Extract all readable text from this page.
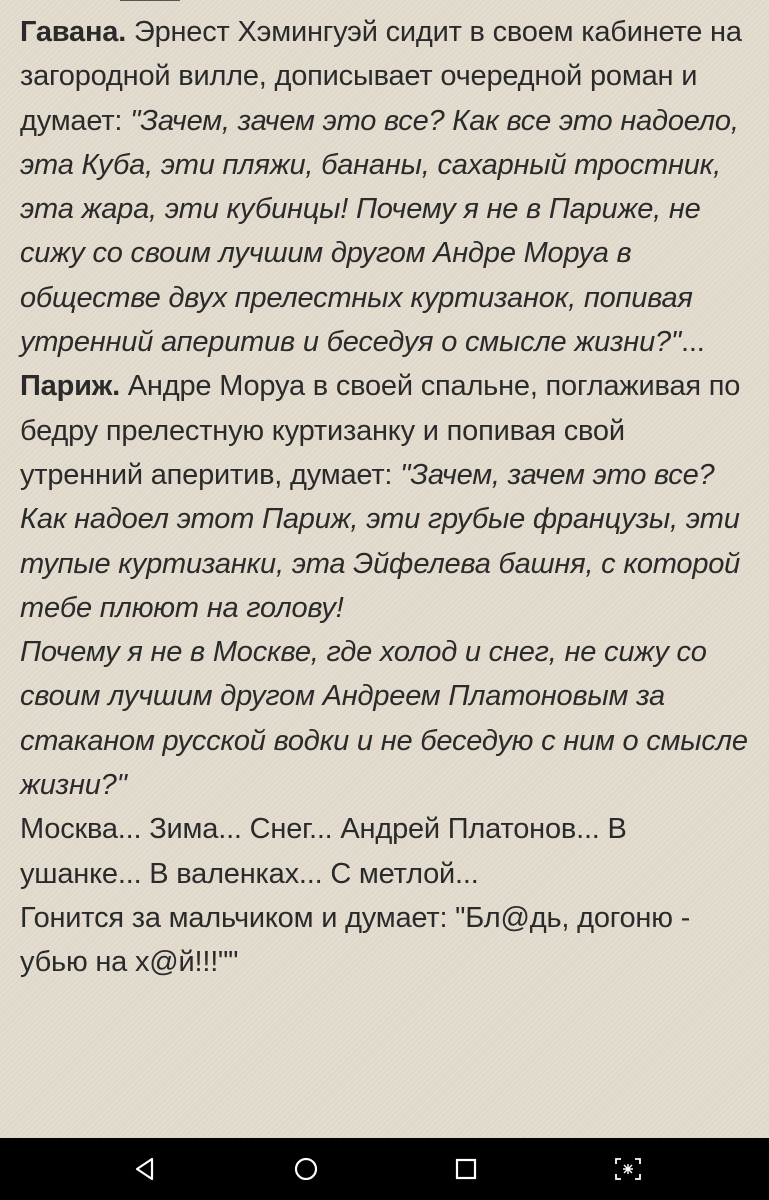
Гавана. Эрнест Хэмингуэй сидит в своем кабинете на загородной вилле, дописывает очередной роман и думает: "Зачем, зачем это все? Как все это надоело, эта Куба, эти пляжи, бананы, сахарный тростник, эта жара, эти кубинцы! Почему я не в Париже, не сижу со своим лучшим другом Андре Моруа в обществе двух прелестных куртизанок, попивая утренний аперитив и беседуя о смысле жизни?"...

Париж. Андре Моруа в своей спальне, поглаживая по бедру прелестную куртизанку и попивая свой утренний аперитив, думает: "Зачем, зачем это все? Как надоел этот Париж, эти грубые французы, эти тупые куртизанки, эта Эйфелева башня, с которой тебе плюют на голову!

Почему я не в Москве, где холод и снег, не сижу со своим лучшим другом Андреем Платоновым за стаканом русской водки и не беседую с ним о смысле жизни?"

Москва... Зима... Снег... Андрей Платонов... В ушанке... В валенках... С метлой...

Гонится за мальчиком и думает: "Бл@дь, догоню - убью на х@й!!!""
